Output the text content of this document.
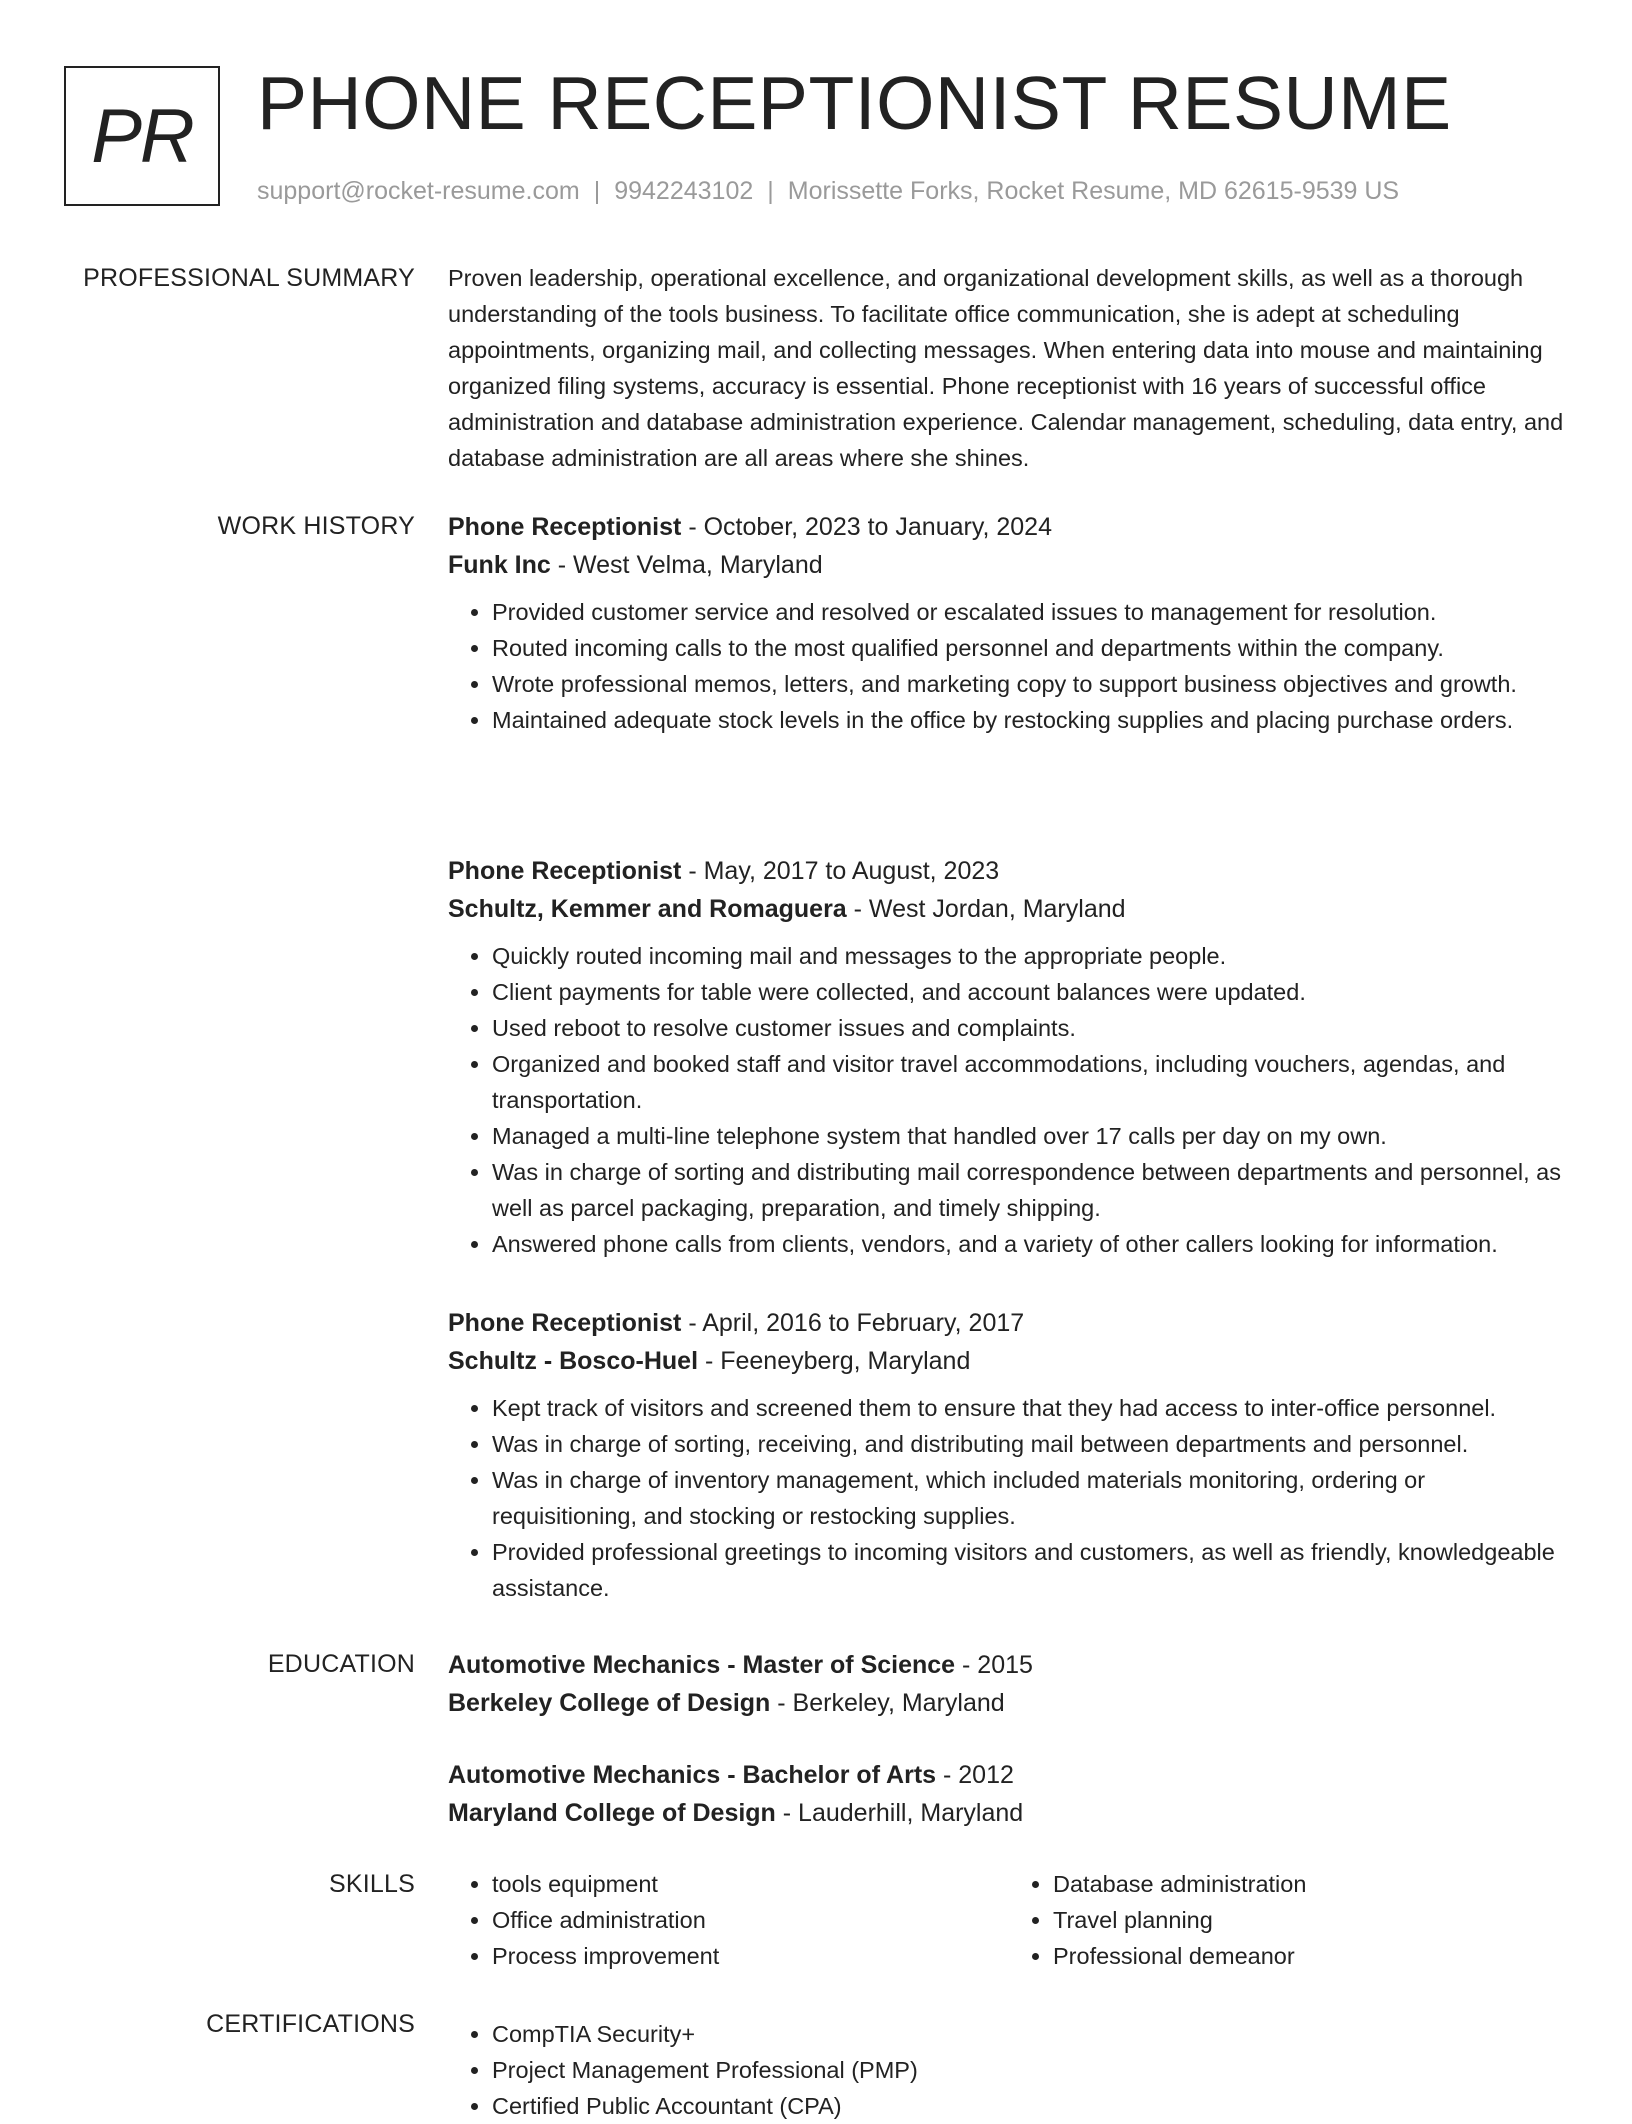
PR PHONE RECEPTIONIST RESUME
support@rocket-resume.com | 9942243102 | Morissette Forks, Rocket Resume, MD 62615-9539 US
PROFESSIONAL SUMMARY Proven leadership, operational excellence, and organizational development skills, as well as a thorough understanding of the tools business. To facilitate office communication, she is adept at scheduling appointments, organizing mail, and collecting messages. When entering data into mouse and maintaining organized filing systems, accuracy is essential. Phone receptionist with 16 years of successful office administration and database administration experience. Calendar management, scheduling, data entry, and database administration are all areas where she shines.

WORK HISTORY Phone Receptionist - October, 2023 to January, 2024
Funk Inc - West Velma, Maryland
• Provided customer service and resolved or escalated issues to management for resolution.
• Routed incoming calls to the most qualified personnel and departments within the company.
• Wrote professional memos, letters, and marketing copy to support business objectives and growth.
• Maintained adequate stock levels in the office by restocking supplies and placing purchase orders.
Phone Receptionist - May, 2017 to August, 2023
Schultz, Kemmer and Romaguera - West Jordan, Maryland
• Quickly routed incoming mail and messages to the appropriate people.
• Client payments for table were collected, and account balances were updated.
• Used reboot to resolve customer issues and complaints.
• Organized and booked staff and visitor travel accommodations, including vouchers, agendas, and transportation.
• Managed a multi-line telephone system that handled over 17 calls per day on my own.
• Was in charge of sorting and distributing mail correspondence between departments and personnel, as well as parcel packaging, preparation, and timely shipping.
• Answered phone calls from clients, vendors, and a variety of other callers looking for information.
Phone Receptionist - April, 2016 to February, 2017
Schultz - Bosco-Huel - Feeneyberg, Maryland
• Kept track of visitors and screened them to ensure that they had access to inter-office personnel.
• Was in charge of sorting, receiving, and distributing mail between departments and personnel.
• Was in charge of inventory management, which included materials monitoring, ordering or requisitioning, and stocking or restocking supplies.
• Provided professional greetings to incoming visitors and customers, as well as friendly, knowledgeable assistance.
EDUCATION Automotive Mechanics - Master of Science - 2015
Berkeley College of Design - Berkeley, Maryland
Automotive Mechanics - Bachelor of Arts - 2012
Maryland College of Design - Lauderhill, Maryland
SKILLS	• tools equipment
• Office administration
• Process improvement
• Database administration
• Travel planning
• Professional demeanor
CERTIFICATIONS	• CompTIA Security+
• Project Management Professional (PMP)
• Certified Public Accountant (CPA)
